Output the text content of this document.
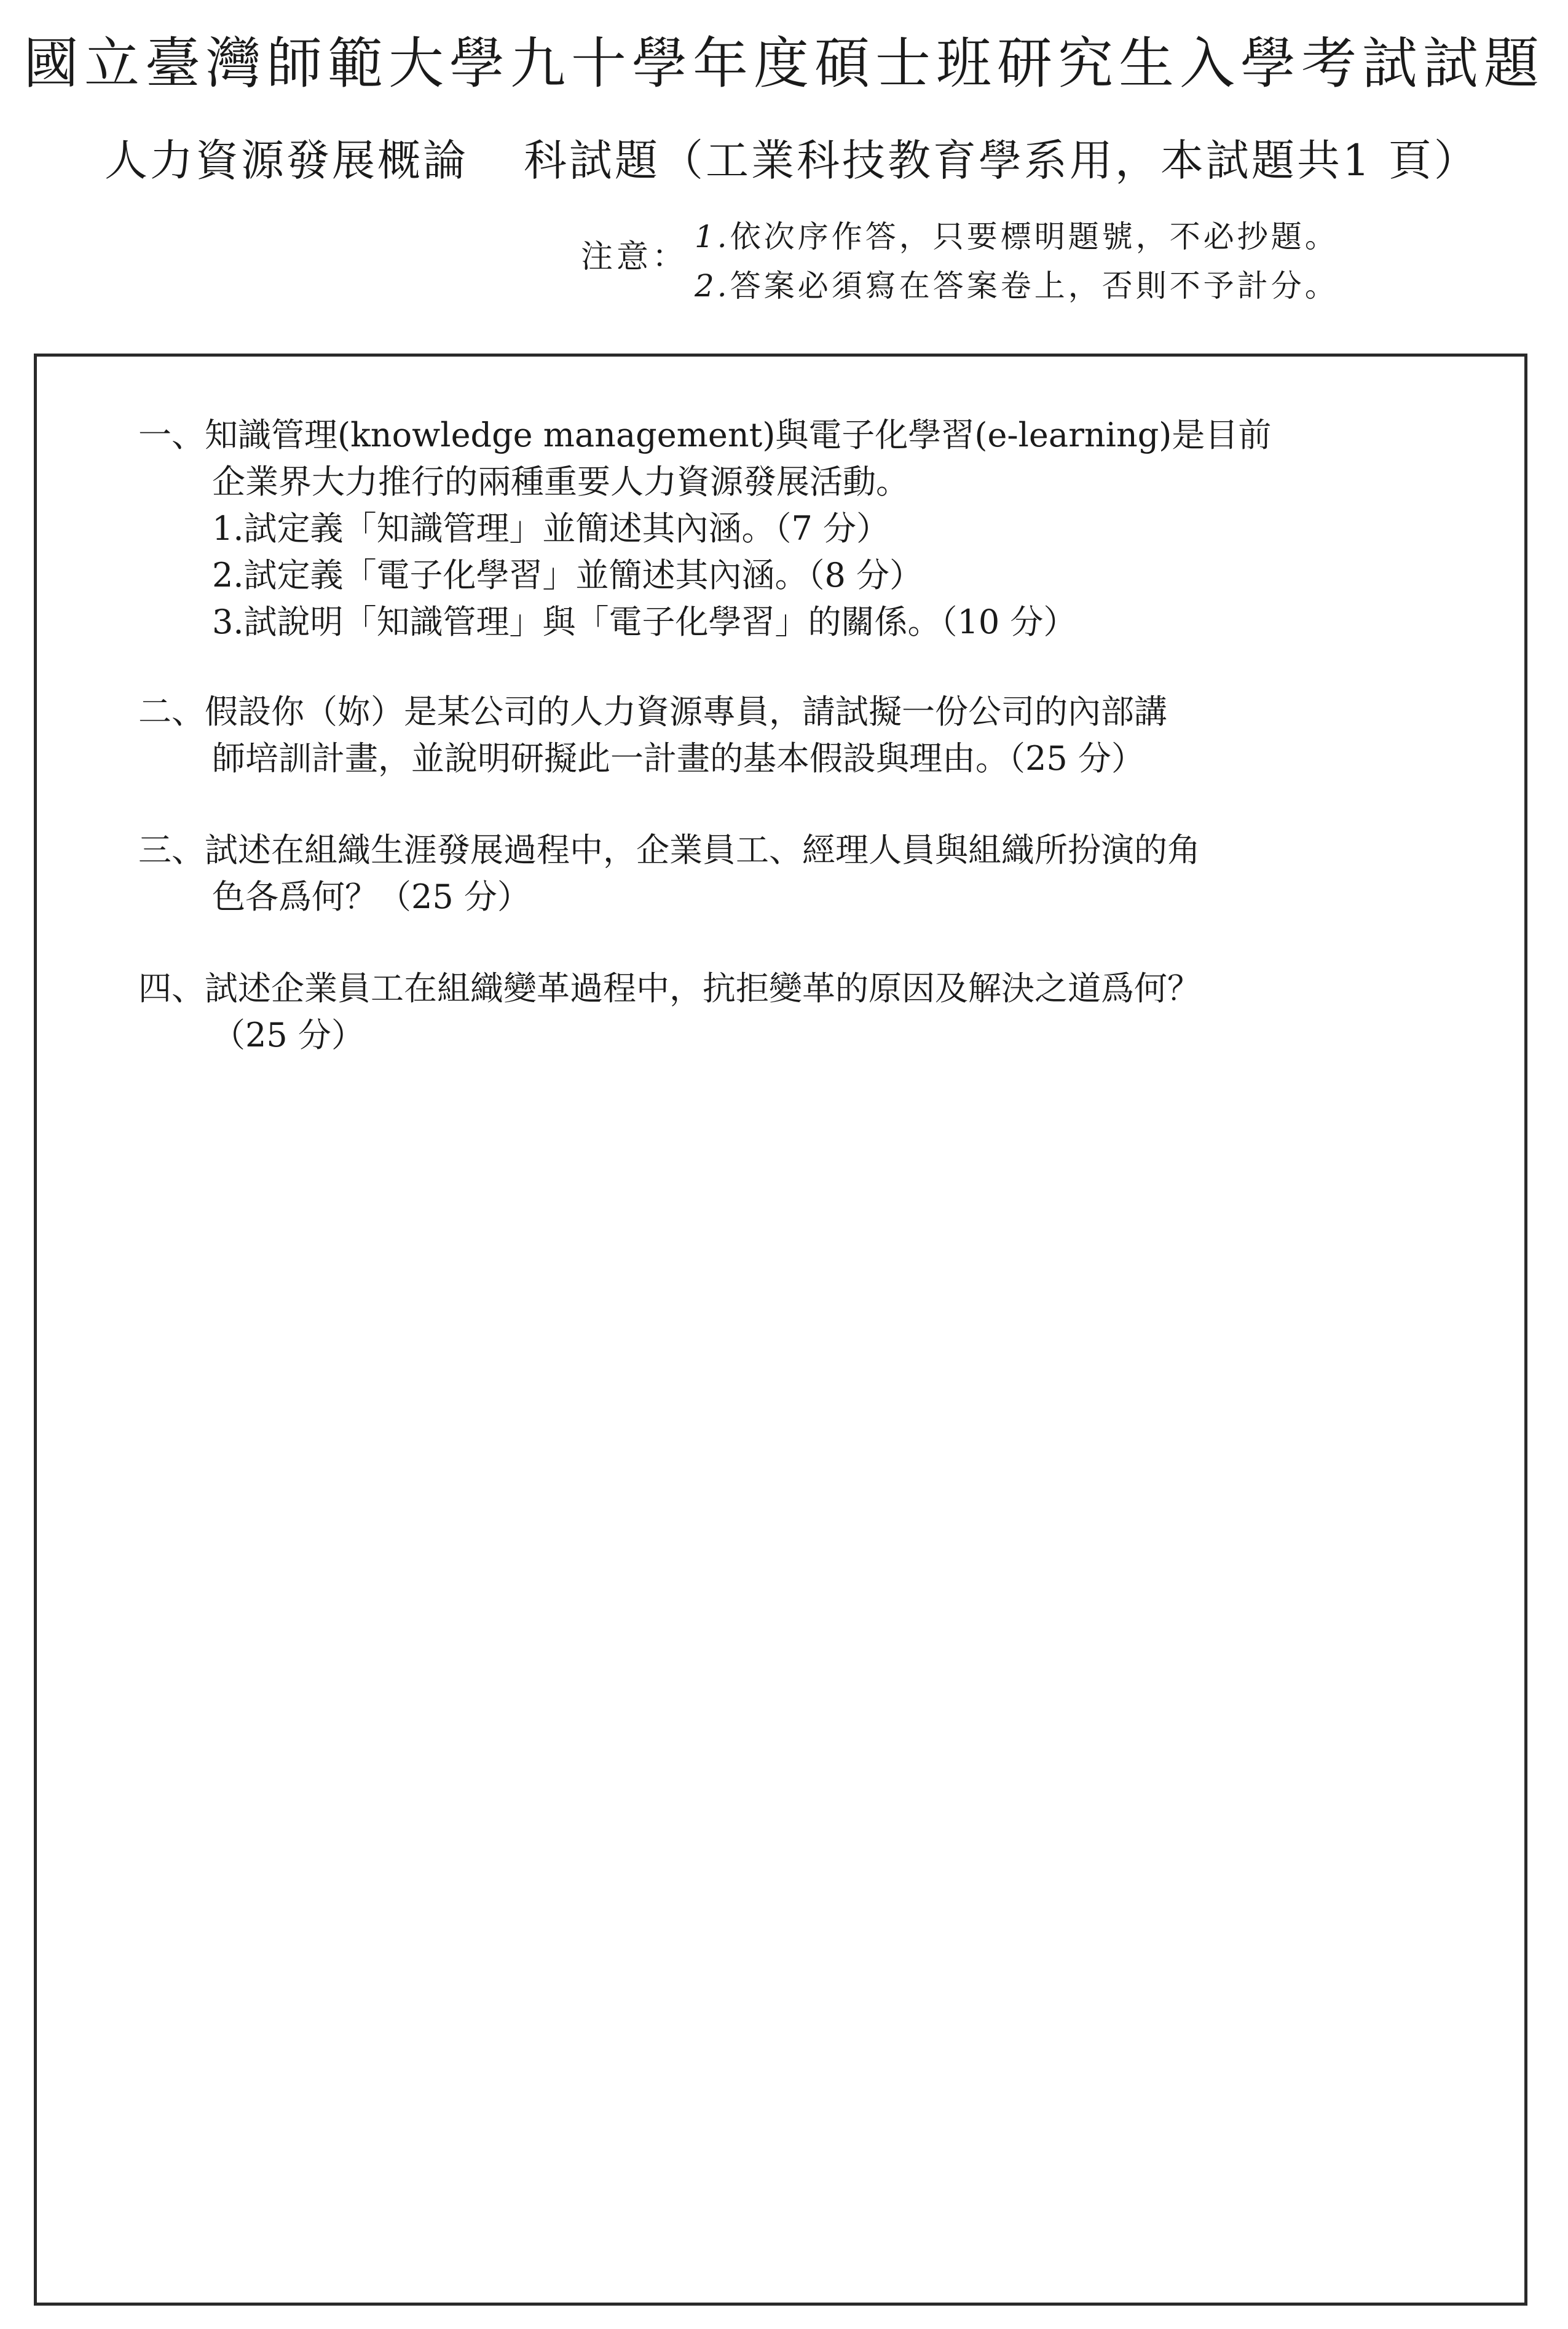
國立臺灣師範大學九十學年度碩士班研究生入學考試試題
人力資源發展概論 科試題（工業科技教育學系用，本試題共1 頁）
注意：
1.依次序作答，只要標明題號，不必抄題。
2.答案必須寫在答案卷上，否則不予計分。
一、知識管理(knowledge management)與電子化學習(e-learning)是目前
企業界大力推行的兩種重要人力資源發展活動。
1.試定義「知識管理」並簡述其內涵。（7 分）
2.試定義「電子化學習」並簡述其內涵。（8 分）
3.試說明「知識管理」與「電子化學習」的關係。（10 分）
二、假設你（妳）是某公司的人力資源專員，請試擬一份公司的內部講
師培訓計畫，並說明研擬此一計畫的基本假設與理由。（25 分）
三、試述在組織生涯發展過程中，企業員工、經理人員與組織所扮演的角
色各爲何？（25 分）
四、試述企業員工在組織變革過程中，抗拒變革的原因及解決之道爲何？
（25 分）
